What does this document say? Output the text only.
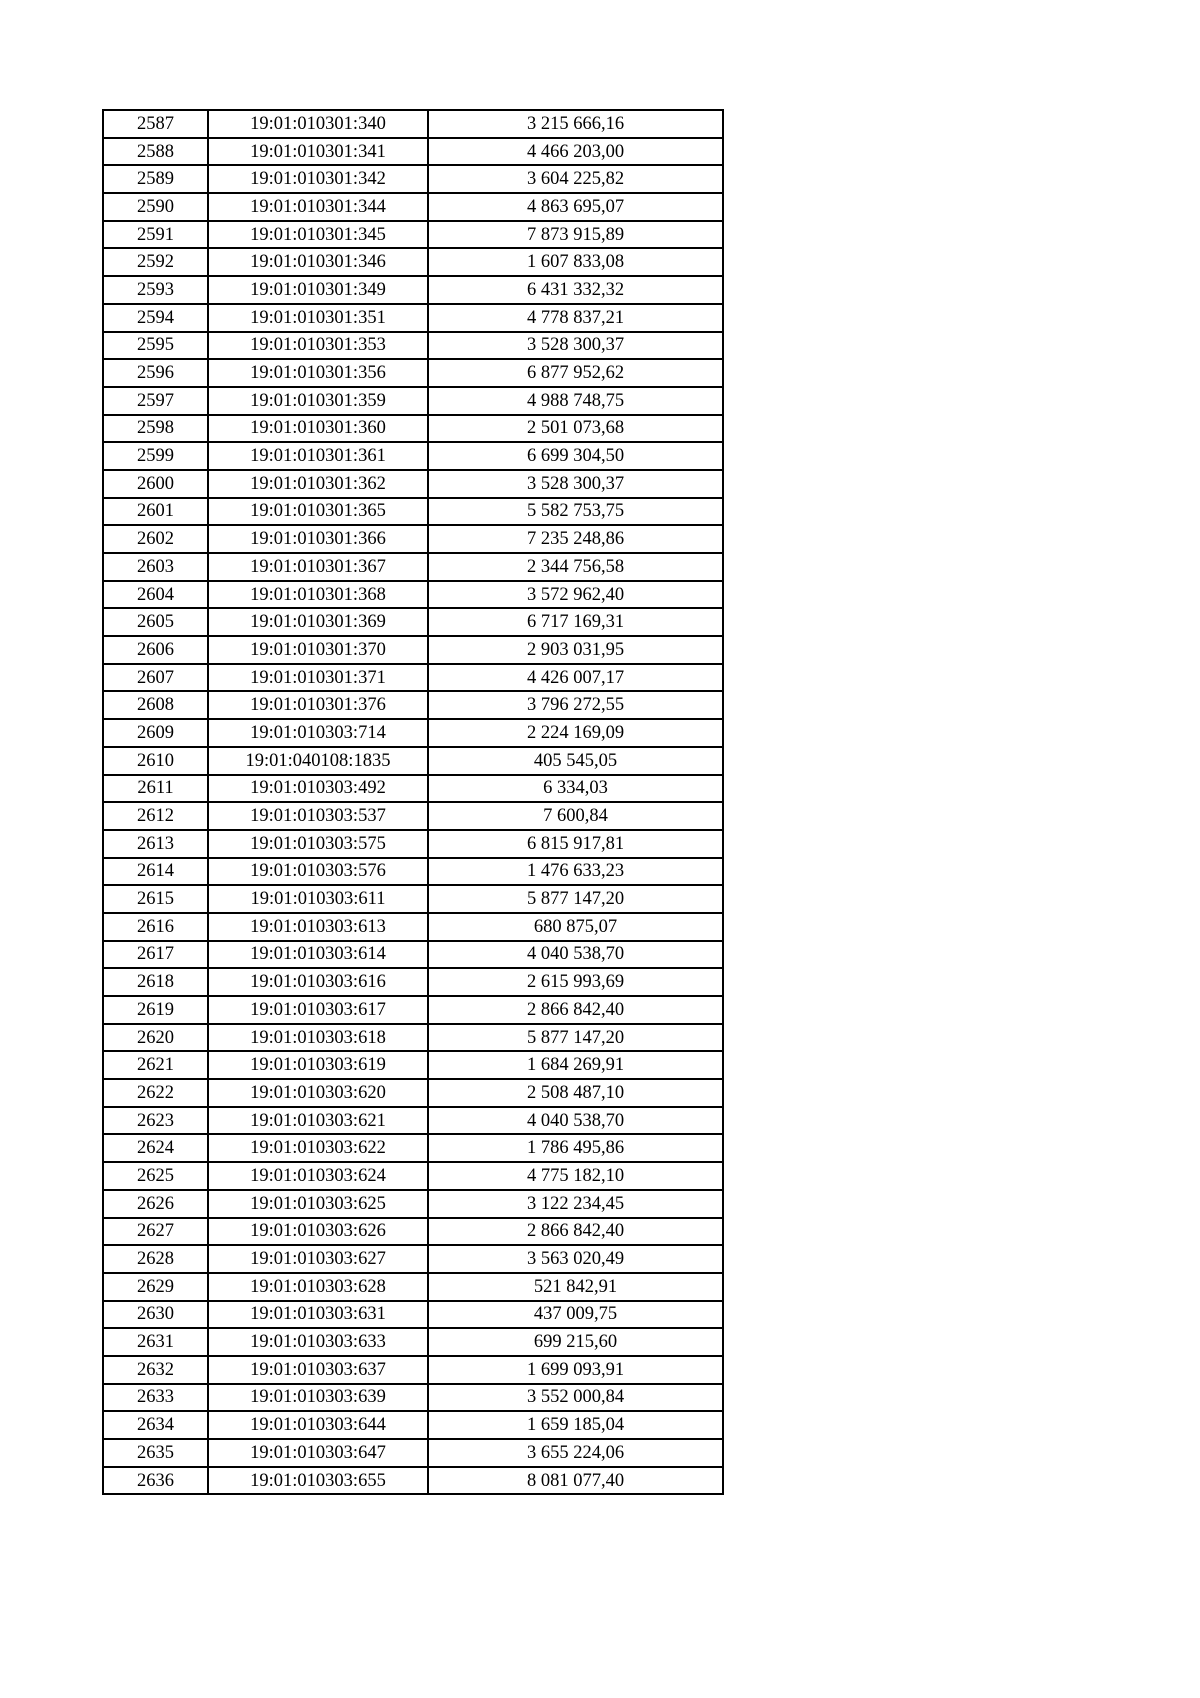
2587	19:01:010301:340	3 215 666,16
2588	19:01:010301:341	4 466 203,00
2589	19:01:010301:342	3 604 225,82
2590	19:01:010301:344	4 863 695,07
2591	19:01:010301:345	7 873 915,89
2592	19:01:010301:346	1 607 833,08
2593	19:01:010301:349	6 431 332,32
2594	19:01:010301:351	4 778 837,21
2595	19:01:010301:353	3 528 300,37
2596	19:01:010301:356	6 877 952,62
2597	19:01:010301:359	4 988 748,75
2598	19:01:010301:360	2 501 073,68
2599	19:01:010301:361	6 699 304,50
2600	19:01:010301:362	3 528 300,37
2601	19:01:010301:365	5 582 753,75
2602	19:01:010301:366	7 235 248,86
2603	19:01:010301:367	2 344 756,58
2604	19:01:010301:368	3 572 962,40
2605	19:01:010301:369	6 717 169,31
2606	19:01:010301:370	2 903 031,95
2607	19:01:010301:371	4 426 007,17
2608	19:01:010301:376	3 796 272,55
2609	19:01:010303:714	2 224 169,09
2610	19:01:040108:1835	405 545,05
2611	19:01:010303:492	6 334,03
2612	19:01:010303:537	7 600,84
2613	19:01:010303:575	6 815 917,81
2614	19:01:010303:576	1 476 633,23
2615	19:01:010303:611	5 877 147,20
2616	19:01:010303:613	680 875,07
2617	19:01:010303:614	4 040 538,70
2618	19:01:010303:616	2 615 993,69
2619	19:01:010303:617	2 866 842,40
2620	19:01:010303:618	5 877 147,20
2621	19:01:010303:619	1 684 269,91
2622	19:01:010303:620	2 508 487,10
2623	19:01:010303:621	4 040 538,70
2624	19:01:010303:622	1 786 495,86
2625	19:01:010303:624	4 775 182,10
2626	19:01:010303:625	3 122 234,45
2627	19:01:010303:626	2 866 842,40
2628	19:01:010303:627	3 563 020,49
2629	19:01:010303:628	521 842,91
2630	19:01:010303:631	437 009,75
2631	19:01:010303:633	699 215,60
2632	19:01:010303:637	1 699 093,91
2633	19:01:010303:639	3 552 000,84
2634	19:01:010303:644	1 659 185,04
2635	19:01:010303:647	3 655 224,06
2636	19:01:010303:655	8 081 077,40
